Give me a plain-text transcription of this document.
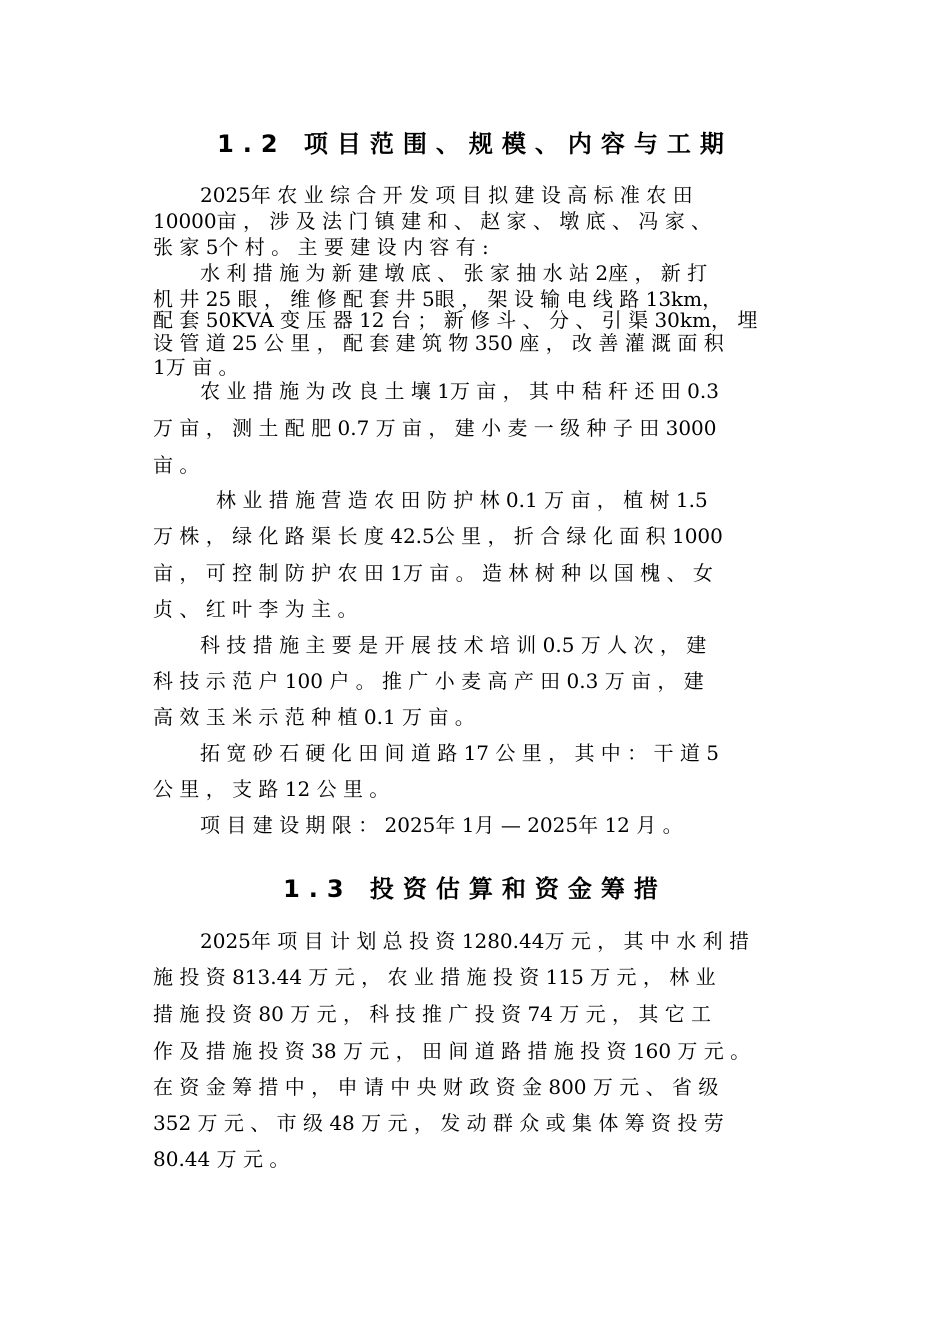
1.2 项目范围、规模、内容与工期
2025年 农 业 综 合 开 发 项 目 拟 建 设 高 标 准 农 田
10000亩 ， 涉 及 法 门 镇 建 和 、 赵 家 、 墩 底 、 冯 家 、
张 家 5个 村 。 主 要 建 设 内 容 有 :
水 利 措 施 为 新 建 墩 底 、 张 家 抽 水 站 2座 ， 新 打
机 井 25 眼 ， 维 修 配 套 井 5眼 ， 架 设 输 电 线 路 13km，
配 套 50KVA 变 压 器 12 台 ； 新 修 斗 、 分 、 引 渠 30km， 埋
设 管 道 25 公 里 ， 配 套 建 筑 物 350 座 ， 改 善 灌 溉 面 积
1万 亩 。
农 业 措 施 为 改 良 土 壤 1万 亩 ， 其 中 秸 秆 还 田 0.3
万 亩 ， 测 土 配 肥 0.7 万 亩 ， 建 小 麦 一 级 种 子 田 3000
亩 。
林 业 措 施 营 造 农 田 防 护 林 0.1 万 亩 ， 植 树 1.5
万 株 ， 绿 化 路 渠 长 度 42.5公 里 ， 折 合 绿 化 面 积 1000
亩 ， 可 控 制 防 护 农 田 1万 亩 。 造 林 树 种 以 国 槐 、 女
贞 、 红 叶 李 为 主 。
科 技 措 施 主 要 是 开 展 技 术 培 训 0.5 万 人 次 ， 建
科 技 示 范 户 100 户 。 推 广 小 麦 高 产 田 0.3 万 亩 ， 建
高 效 玉 米 示 范 种 植 0.1 万 亩 。
拓 宽 砂 石 硬 化 田 间 道 路 17 公 里 ， 其 中 ： 干 道 5
公 里 ， 支 路 12 公 里 。
项 目 建 设 期 限 ： 2025年 1月 — 2025年 12 月 。
1.3 投资估算和资金筹措
2025年 项 目 计 划 总 投 资 1280.44万 元 ， 其 中 水 利 措
施 投 资 813.44 万 元 ， 农 业 措 施 投 资 115 万 元 ， 林 业
措 施 投 资 80 万 元 ， 科 技 推 广 投 资 74 万 元 ， 其 它 工
作 及 措 施 投 资 38 万 元 ， 田 间 道 路 措 施 投 资 160 万 元 。
在 资 金 筹 措 中 ， 申 请 中 央 财 政 资 金 800 万 元 、 省 级
352 万 元 、 市 级 48 万 元 ， 发 动 群 众 或 集 体 筹 资 投 劳
80.44 万 元 。
